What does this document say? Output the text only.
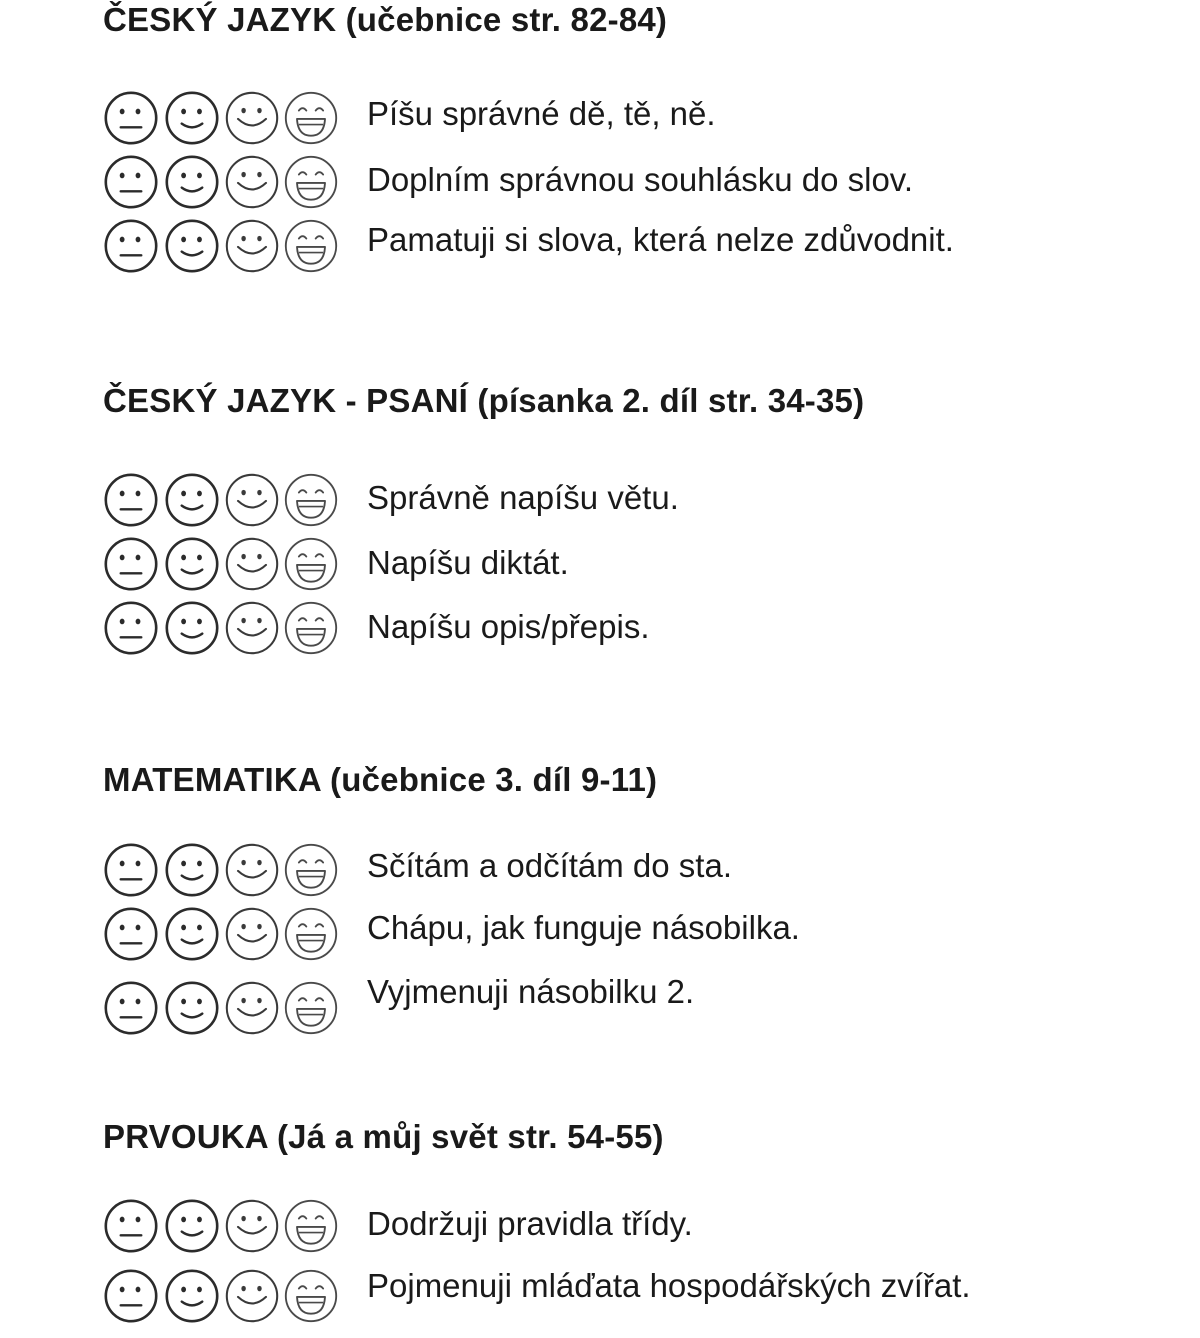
ČESKÝ JAZYK (učebnice str. 82-84)
Píšu správné dě, tě, ně.
Doplním správnou souhlásku do slov.
Pamatuji si slova, která nelze zdůvodnit.
ČESKÝ JAZYK - PSANÍ (písanka 2. díl str. 34-35)
Správně napíšu větu.
Napíšu diktát.
Napíšu opis/přepis.
MATEMATIKA (učebnice 3. díl 9-11)
Sčítám a odčítám do sta.
Chápu, jak funguje násobilka.
Vyjmenuji násobilku 2.
PRVOUKA (Já a můj svět str. 54-55)
Dodržuji pravidla třídy.
Pojmenuji mláďata hospodářských zvířat.
